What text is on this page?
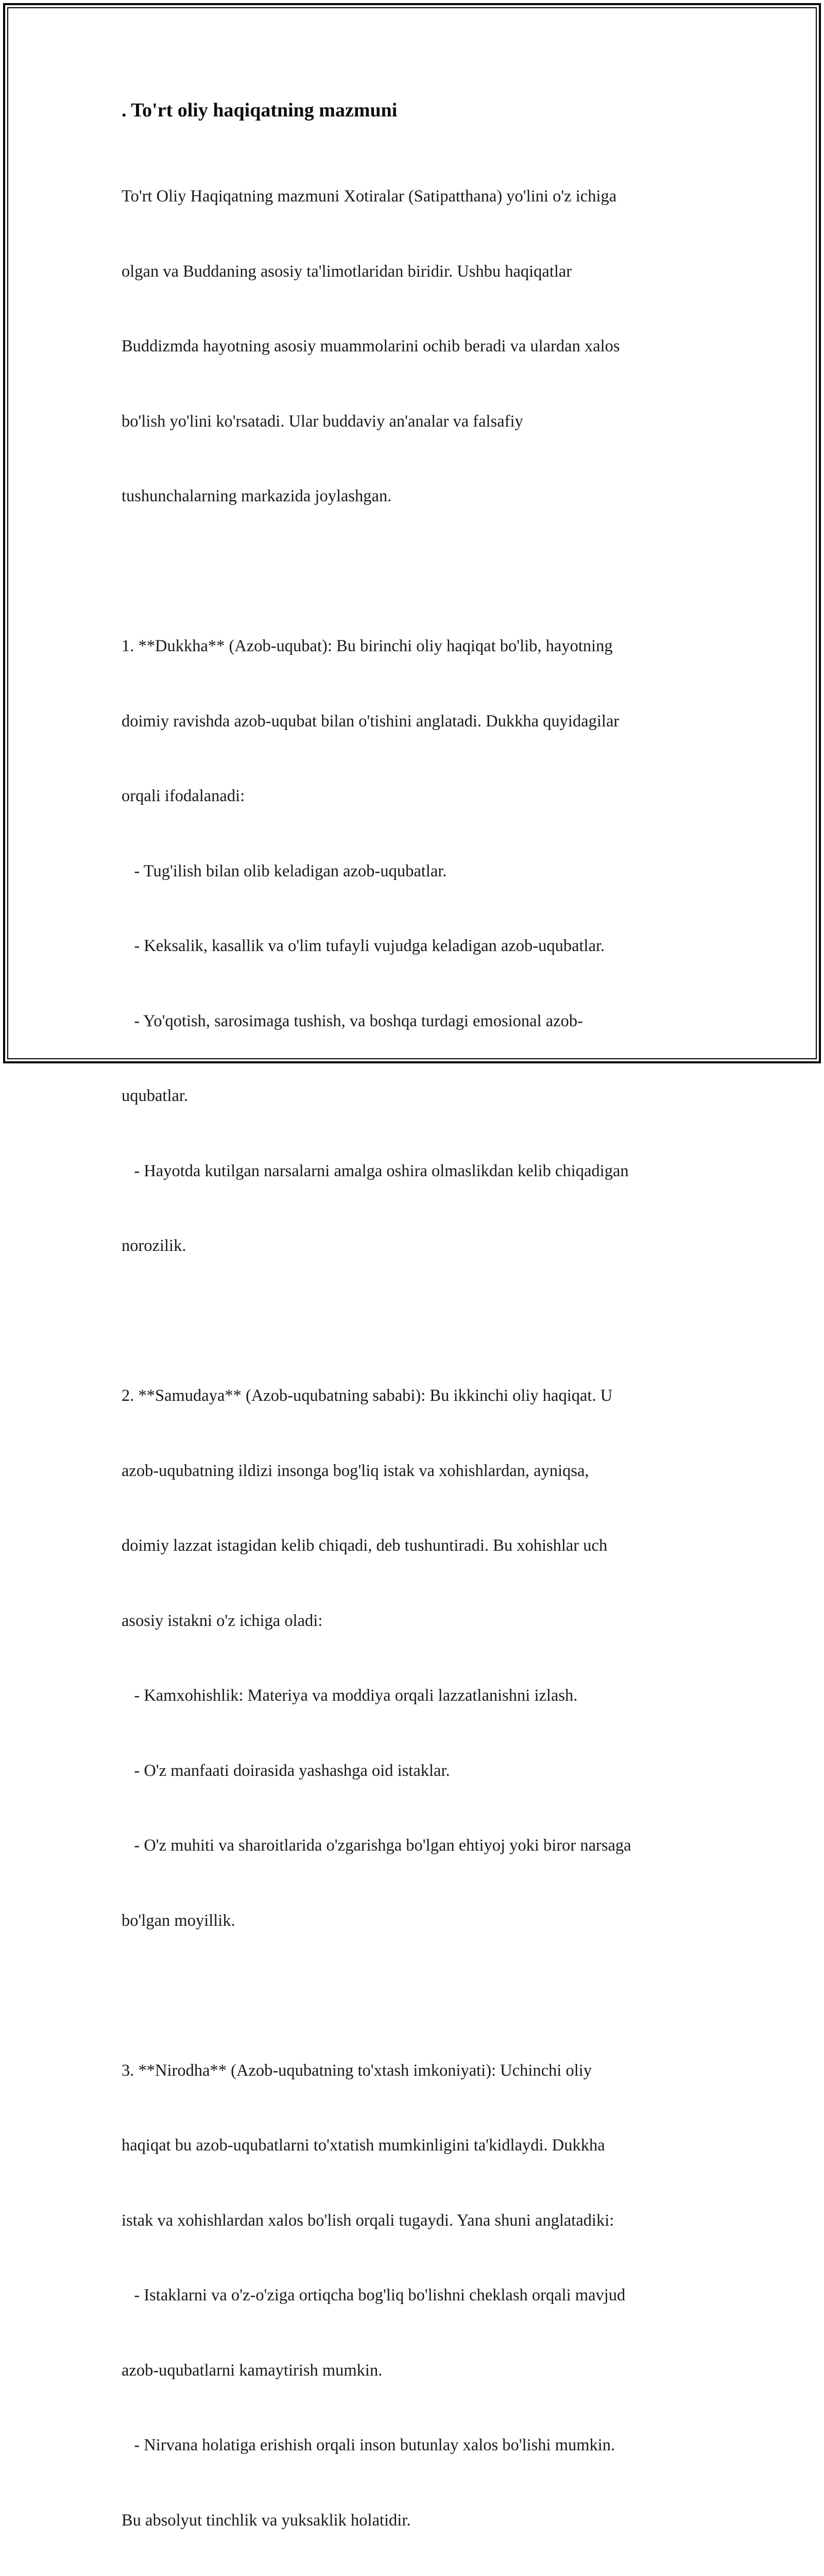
. To'rt oliy haqiqatning mazmuni

To'rt Oliy Haqiqatning mazmuni Xotiralar (Satipatthana) yo'lini o'z ichiga

olgan va Buddaning asosiy ta'limotlaridan biridir. Ushbu haqiqatlar

Buddizmda hayotning asosiy muammolarini ochib beradi va ulardan xalos

bo'lish yo'lini ko'rsatadi. Ular buddaviy an'analar va falsafiy

tushunchalarning markazida joylashgan.

1. **Dukkha** (Azob-uqubat): Bu birinchi oliy haqiqat bo'lib, hayotning

doimiy ravishda azob-uqubat bilan o'tishini anglatadi. Dukkha quyidagilar

orqali ifodalanadi:

- Tug'ilish bilan olib keladigan azob-uqubatlar.

- Keksalik, kasallik va o'lim tufayli vujudga keladigan azob-uqubatlar.

- Yo'qotish, sarosimaga tushish, va boshqa turdagi emosional azob-

uqubatlar.

- Hayotda kutilgan narsalarni amalga oshira olmaslikdan kelib chiqadigan

norozilik.

2. **Samudaya** (Azob-uqubatning sababi): Bu ikkinchi oliy haqiqat. U

azob-uqubatning ildizi insonga bog'liq istak va xohishlardan, ayniqsa,

doimiy lazzat istagidan kelib chiqadi, deb tushuntiradi. Bu xohishlar uch

asosiy istakni o'z ichiga oladi:

- Kamxohishlik: Materiya va moddiya orqali lazzatlanishni izlash.

- O'z manfaati doirasida yashashga oid istaklar.

- O'z muhiti va sharoitlarida o'zgarishga bo'lgan ehtiyoj yoki biror narsaga

bo'lgan moyillik.

3. **Nirodha** (Azob-uqubatning to'xtash imkoniyati): Uchinchi oliy

haqiqat bu azob-uqubatlarni to'xtatish mumkinligini ta'kidlaydi. Dukkha

istak va xohishlardan xalos bo'lish orqali tugaydi. Yana shuni anglatadiki:

- Istaklarni va o'z-o'ziga ortiqcha bog'liq bo'lishni cheklash orqali mavjud

azob-uqubatlarni kamaytirish mumkin.

- Nirvana holatiga erishish orqali inson butunlay xalos bo'lishi mumkin.

Bu absolyut tinchlik va yuksaklik holatidir.
